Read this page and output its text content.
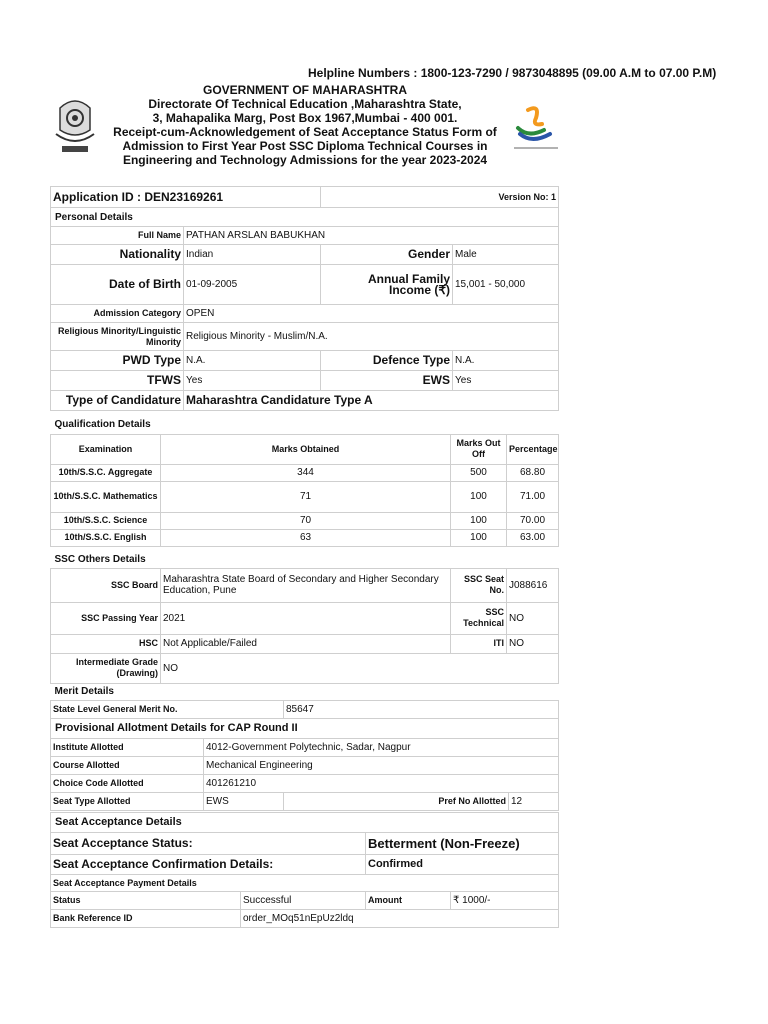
Helpline Numbers : 1800-123-7290 / 9873048895 (09.00 A.M to 07.00 P.M)
GOVERNMENT OF MAHARASHTRA
Directorate Of Technical Education ,Maharashtra State,
3, Mahapalika Marg, Post Box 1967,Mumbai - 400 001.
Receipt-cum-Acknowledgement of Seat Acceptance Status Form of
Admission to First Year Post SSC Diploma Technical Courses in
Engineering and Technology Admissions for the year 2023-2024
Application ID : DEN23169261		Version No: 1	
Personal Details			
Full Name	PATHAN ARSLAN BABUKHAN		
Nationality	Indian	Gender	Male
Date of Birth	01-09-2005	Annual Family Income (₹)	15,001 - 50,000
Admission Category	OPEN		
Religious Minority/Linguistic Minority	Religious Minority - Muslim/N.A.		
PWD Type	N.A.	Defence Type	N.A.
TFWS	Yes	EWS	Yes
Type of Candidature	Maharashtra Candidature Type A		
Qualification Details			
Examination	Marks Obtained	Marks Out Off	Percentage
10th/S.S.C. Aggregate	344	500	68.80
10th/S.S.C. Mathematics	71	100	71.00
10th/S.S.C. Science	70	100	70.00
10th/S.S.C. English	63	100	63.00
SSC Others Details			
SSC Board	Maharashtra State Board of Secondary and Higher Secondary Education, Pune	SSC Seat No.	J088616
SSC Passing Year	2021	SSC Technical	NO
HSC	Not Applicable/Failed	ITI	NO
Intermediate Grade (Drawing)	NO		
Merit Details			
State Level General Merit No.		85647	
Provisional Allotment Details for CAP Round II			
Institute Allotted	4012-Government Polytechnic, Sadar, Nagpur		
Course Allotted	Mechanical Engineering		
Choice Code Allotted	401261210		
Seat Type Allotted	EWS	Pref No Allotted	12
Seat Acceptance Details			
Seat Acceptance Status:		Betterment (Non-Freeze)	
Seat Acceptance Confirmation Details:		Confirmed	
Seat Acceptance Payment Details			
Status	Successful	Amount	₹ 1000/-
Bank Reference ID	order_MOq51nEpUz2ldq		
